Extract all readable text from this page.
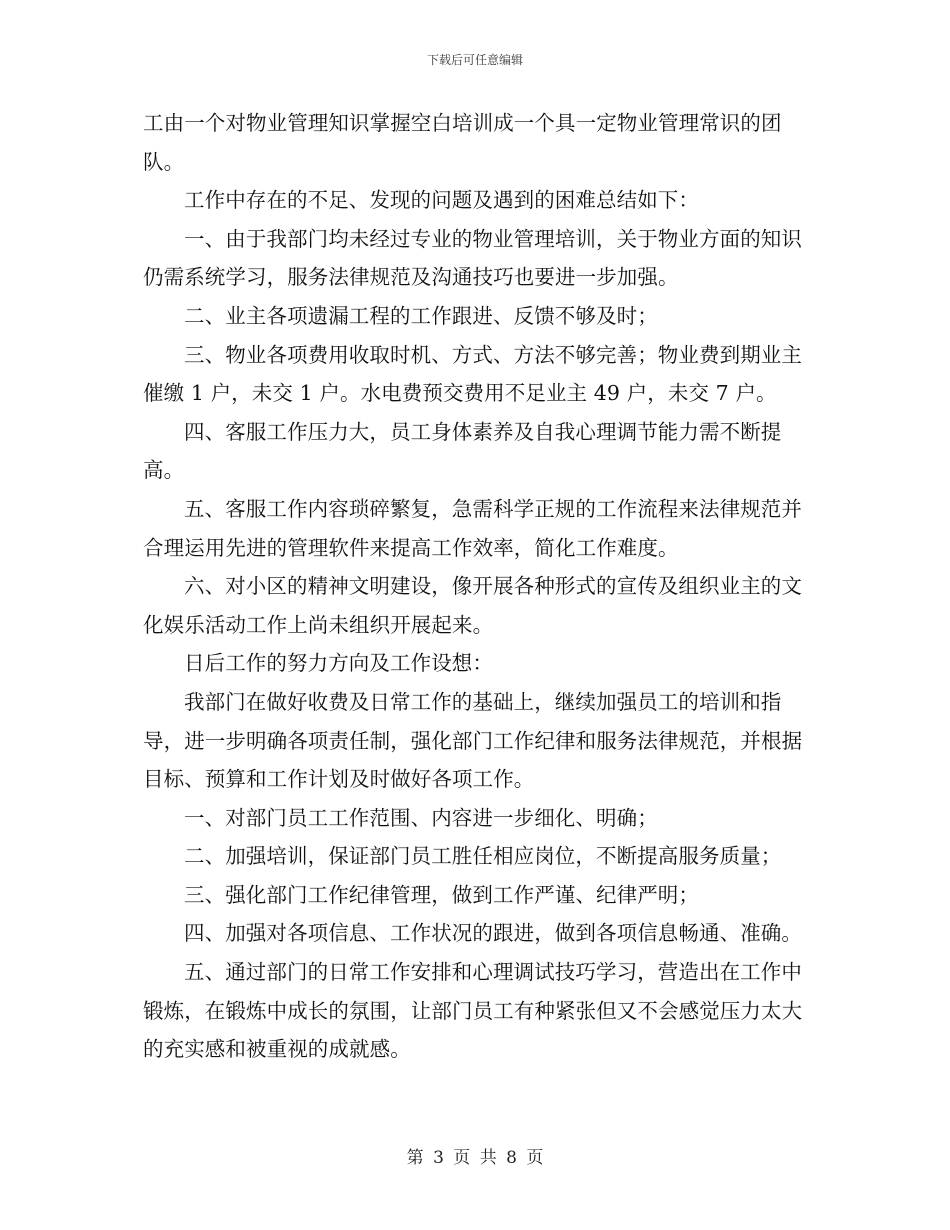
下载后可任意编辑

工由一个对物业管理知识掌握空白培训成一个具一定物业管理常识的团队。

工作中存在的不足、发现的问题及遇到的困难总结如下：

一、由于我部门均未经过专业的物业管理培训，关于物业方面的知识仍需系统学习，服务法律规范及沟通技巧也要进一步加强。

二、业主各项遗漏工程的工作跟进、反馈不够及时；

三、物业各项费用收取时机、方式、方法不够完善；物业费到期业主催缴 1 户，未交 1 户。水电费预交费用不足业主 49 户，未交 7 户。

四、客服工作压力大，员工身体素养及自我心理调节能力需不断提高。

五、客服工作内容琐碎繁复，急需科学正规的工作流程来法律规范并合理运用先进的管理软件来提高工作效率，简化工作难度。

六、对小区的精神文明建设，像开展各种形式的宣传及组织业主的文化娱乐活动工作上尚未组织开展起来。

日后工作的努力方向及工作设想：

我部门在做好收费及日常工作的基础上，继续加强员工的培训和指导，进一步明确各项责任制，强化部门工作纪律和服务法律规范，并根据目标、预算和工作计划及时做好各项工作。

一、对部门员工工作范围、内容进一步细化、明确；

二、加强培训，保证部门员工胜任相应岗位，不断提高服务质量；

三、强化部门工作纪律管理，做到工作严谨、纪律严明；

四、加强对各项信息、工作状况的跟进，做到各项信息畅通、准确。

五、通过部门的日常工作安排和心理调试技巧学习，营造出在工作中锻炼，在锻炼中成长的氛围，让部门员工有种紧张但又不会感觉压力太大的充实感和被重视的成就感。

第 3 页 共 8 页
